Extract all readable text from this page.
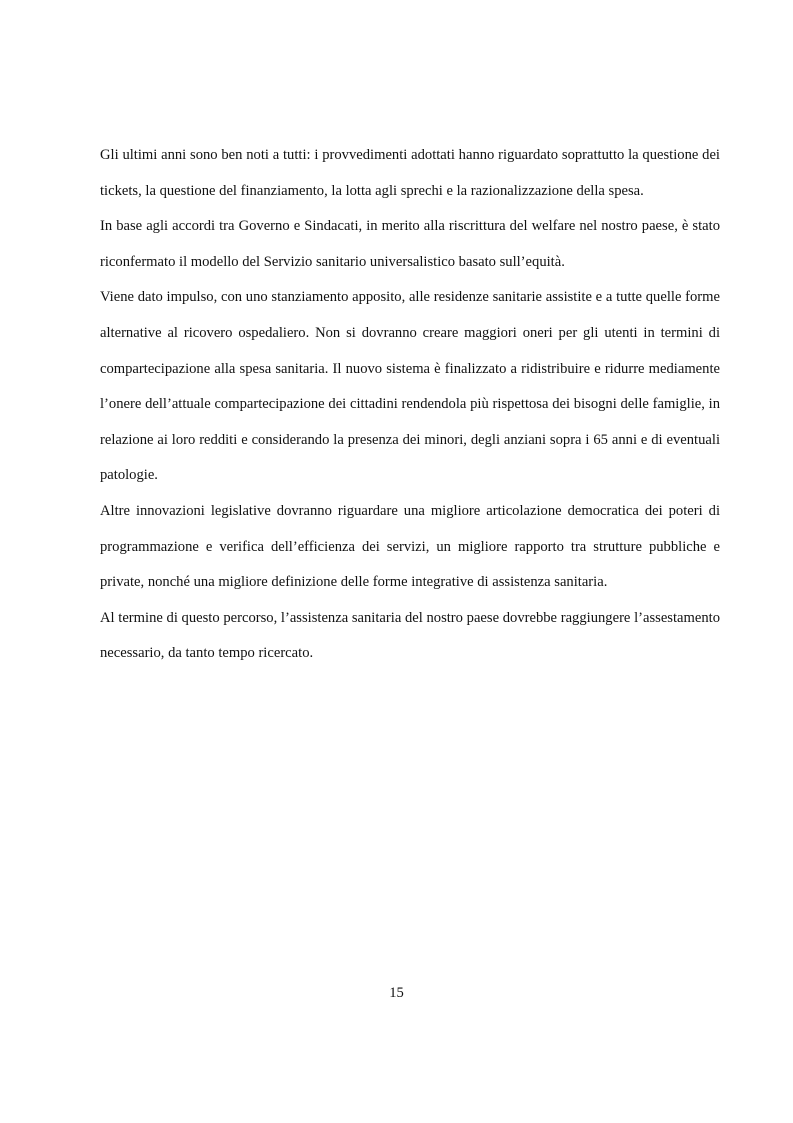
Gli ultimi anni sono ben noti a tutti: i provvedimenti adottati hanno riguardato soprattutto la questione dei tickets, la questione del finanziamento, la lotta agli sprechi e la razionalizzazione della spesa.

In base agli accordi tra Governo e Sindacati, in merito alla riscrittura del welfare nel nostro paese, è stato riconfermato il modello del Servizio sanitario universalistico basato sull’equità.

Viene dato impulso, con uno stanziamento apposito, alle residenze sanitarie assistite e a tutte quelle forme alternative al ricovero ospedaliero. Non si dovranno creare maggiori oneri per gli utenti in termini di compartecipazione alla spesa sanitaria. Il nuovo sistema è finalizzato a ridistribuire e ridurre mediamente l’onere dell’attuale compartecipazione dei cittadini rendendola più rispettosa dei bisogni delle famiglie, in relazione ai loro redditi e considerando la presenza dei minori, degli anziani sopra i 65 anni e di eventuali patologie.

Altre innovazioni legislative dovranno riguardare una migliore articolazione democratica dei poteri di programmazione e verifica dell’efficienza dei servizi, un migliore rapporto tra strutture pubbliche e private, nonché una migliore definizione delle forme integrative di assistenza sanitaria.

Al termine di questo percorso, l’assistenza sanitaria del nostro paese dovrebbe raggiungere l’assestamento necessario, da tanto tempo ricercato.

15
